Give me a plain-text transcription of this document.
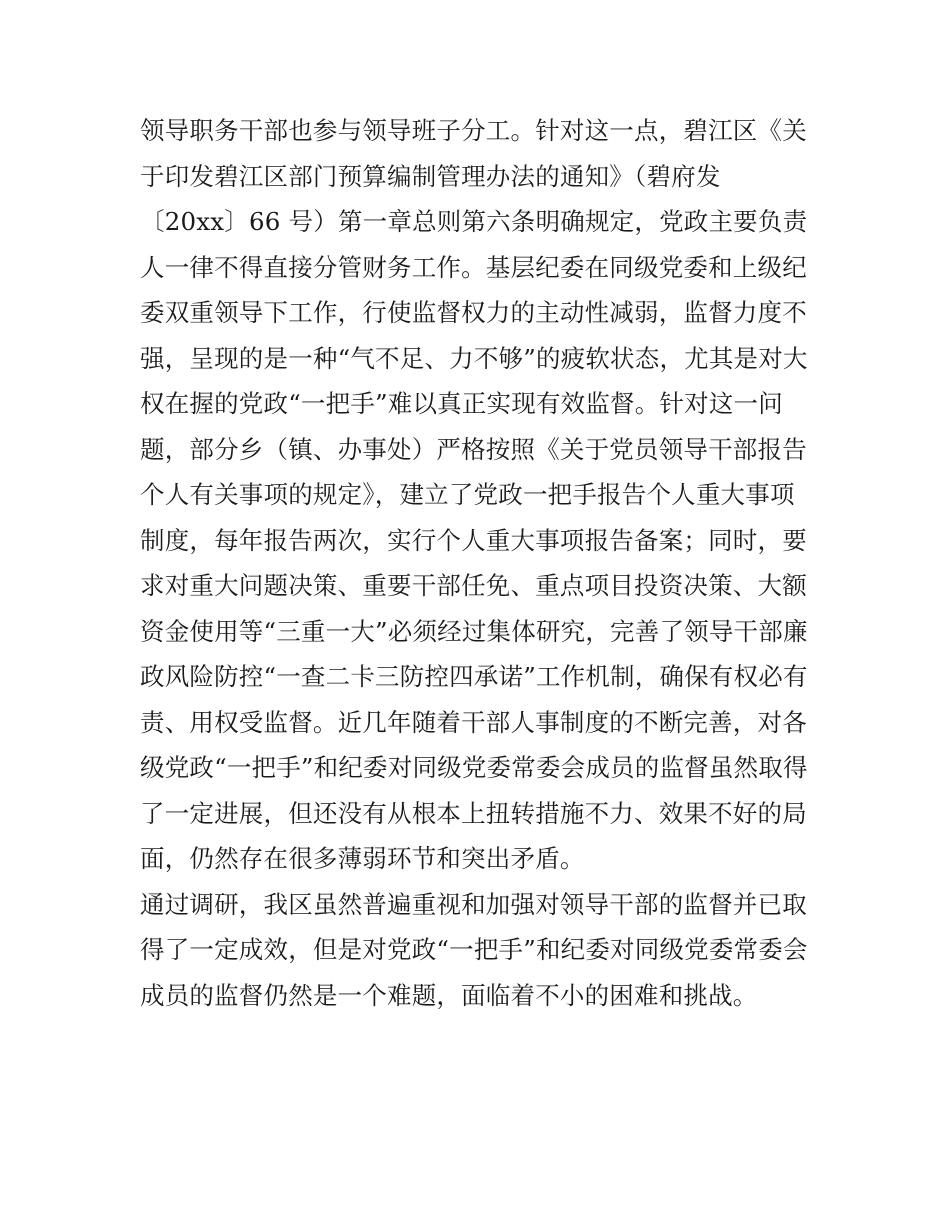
领导职务干部也参与领导班子分工。针对这一点，碧江区《关
于印发碧江区部门预算编制管理办法的通知》（碧府发
〔20xx〕66 号）第一章总则第六条明确规定，党政主要负责
人一律不得直接分管财务工作。基层纪委在同级党委和上级纪
委双重领导下工作，行使监督权力的主动性减弱，监督力度不
强，呈现的是一种“气不足、力不够”的疲软状态，尤其是对大
权在握的党政“一把手”难以真正实现有效监督。针对这一问
题，部分乡（镇、办事处）严格按照《关于党员领导干部报告
个人有关事项的规定》，建立了党政一把手报告个人重大事项
制度，每年报告两次，实行个人重大事项报告备案；同时，要
求对重大问题决策、重要干部任免、重点项目投资决策、大额
资金使用等“三重一大”必须经过集体研究，完善了领导干部廉
政风险防控“一查二卡三防控四承诺”工作机制，确保有权必有
责、用权受监督。近几年随着干部人事制度的不断完善，对各
级党政“一把手”和纪委对同级党委常委会成员的监督虽然取得
了一定进展，但还没有从根本上扭转措施不力、效果不好的局
面，仍然存在很多薄弱环节和突出矛盾。
通过调研，我区虽然普遍重视和加强对领导干部的监督并已取
得了一定成效，但是对党政“一把手”和纪委对同级党委常委会
成员的监督仍然是一个难题，面临着不小的困难和挑战。
